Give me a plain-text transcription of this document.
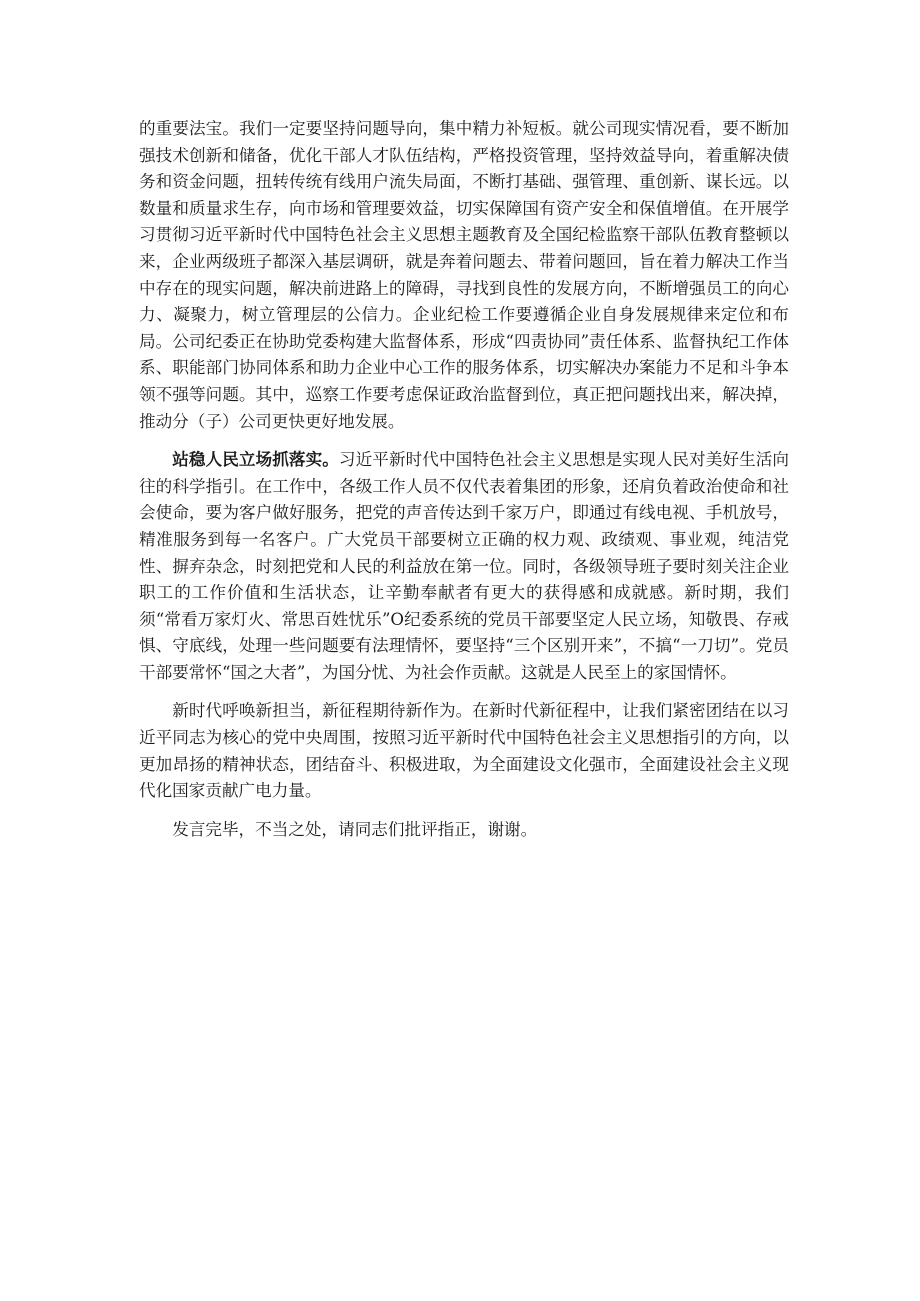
的重要法宝。我们一定要坚持问题导向，集中精力补短板。就公司现实情况看，要不断加强技术创新和储备，优化干部人才队伍结构，严格投资管理，坚持效益导向，着重解决债务和资金问题，扭转传统有线用户流失局面，不断打基础、强管理、重创新、谋长远。以数量和质量求生存，向市场和管理要效益，切实保障国有资产安全和保值增值。在开展学习贯彻习近平新时代中国特色社会主义思想主题教育及全国纪检监察干部队伍教育整顿以来，企业两级班子都深入基层调研，就是奔着问题去、带着问题回，旨在着力解决工作当中存在的现实问题，解决前进路上的障碍，寻找到良性的发展方向，不断增强员工的向心力、凝聚力，树立管理层的公信力。企业纪检工作要遵循企业自身发展规律来定位和布局。公司纪委正在协助党委构建大监督体系，形成“四责协同”责任体系、监督执纪工作体系、职能部门协同体系和助力企业中心工作的服务体系，切实解决办案能力不足和斗争本领不强等问题。其中，巡察工作要考虑保证政治监督到位，真正把问题找出来，解决掉，推动分（子）公司更快更好地发展。

站稳人民立场抓落实。习近平新时代中国特色社会主义思想是实现人民对美好生活向往的科学指引。在工作中，各级工作人员不仅代表着集团的形象，还肩负着政治使命和社会使命，要为客户做好服务，把党的声音传达到千家万户，即通过有线电视、手机放号，精准服务到每一名客户。广大党员干部要树立正确的权力观、政绩观、事业观，纯洁党性、摒弃杂念，时刻把党和人民的利益放在第一位。同时，各级领导班子要时刻关注企业职工的工作价值和生活状态，让辛勤奉献者有更大的获得感和成就感。新时期，我们须“常看万家灯火、常思百姓忧乐”O纪委系统的党员干部要坚定人民立场，知敬畏、存戒惧、守底线，处理一些问题要有法理情怀，要坚持“三个区别开来”，不搞“一刀切”。党员干部要常怀“国之大者”，为国分忧、为社会作贡献。这就是人民至上的家国情怀。

新时代呼唤新担当，新征程期待新作为。在新时代新征程中，让我们紧密团结在以习近平同志为核心的党中央周围，按照习近平新时代中国特色社会主义思想指引的方向，以更加昂扬的精神状态，团结奋斗、积极进取，为全面建设文化强市，全面建设社会主义现代化国家贡献广电力量。

发言完毕，不当之处，请同志们批评指正，谢谢。
